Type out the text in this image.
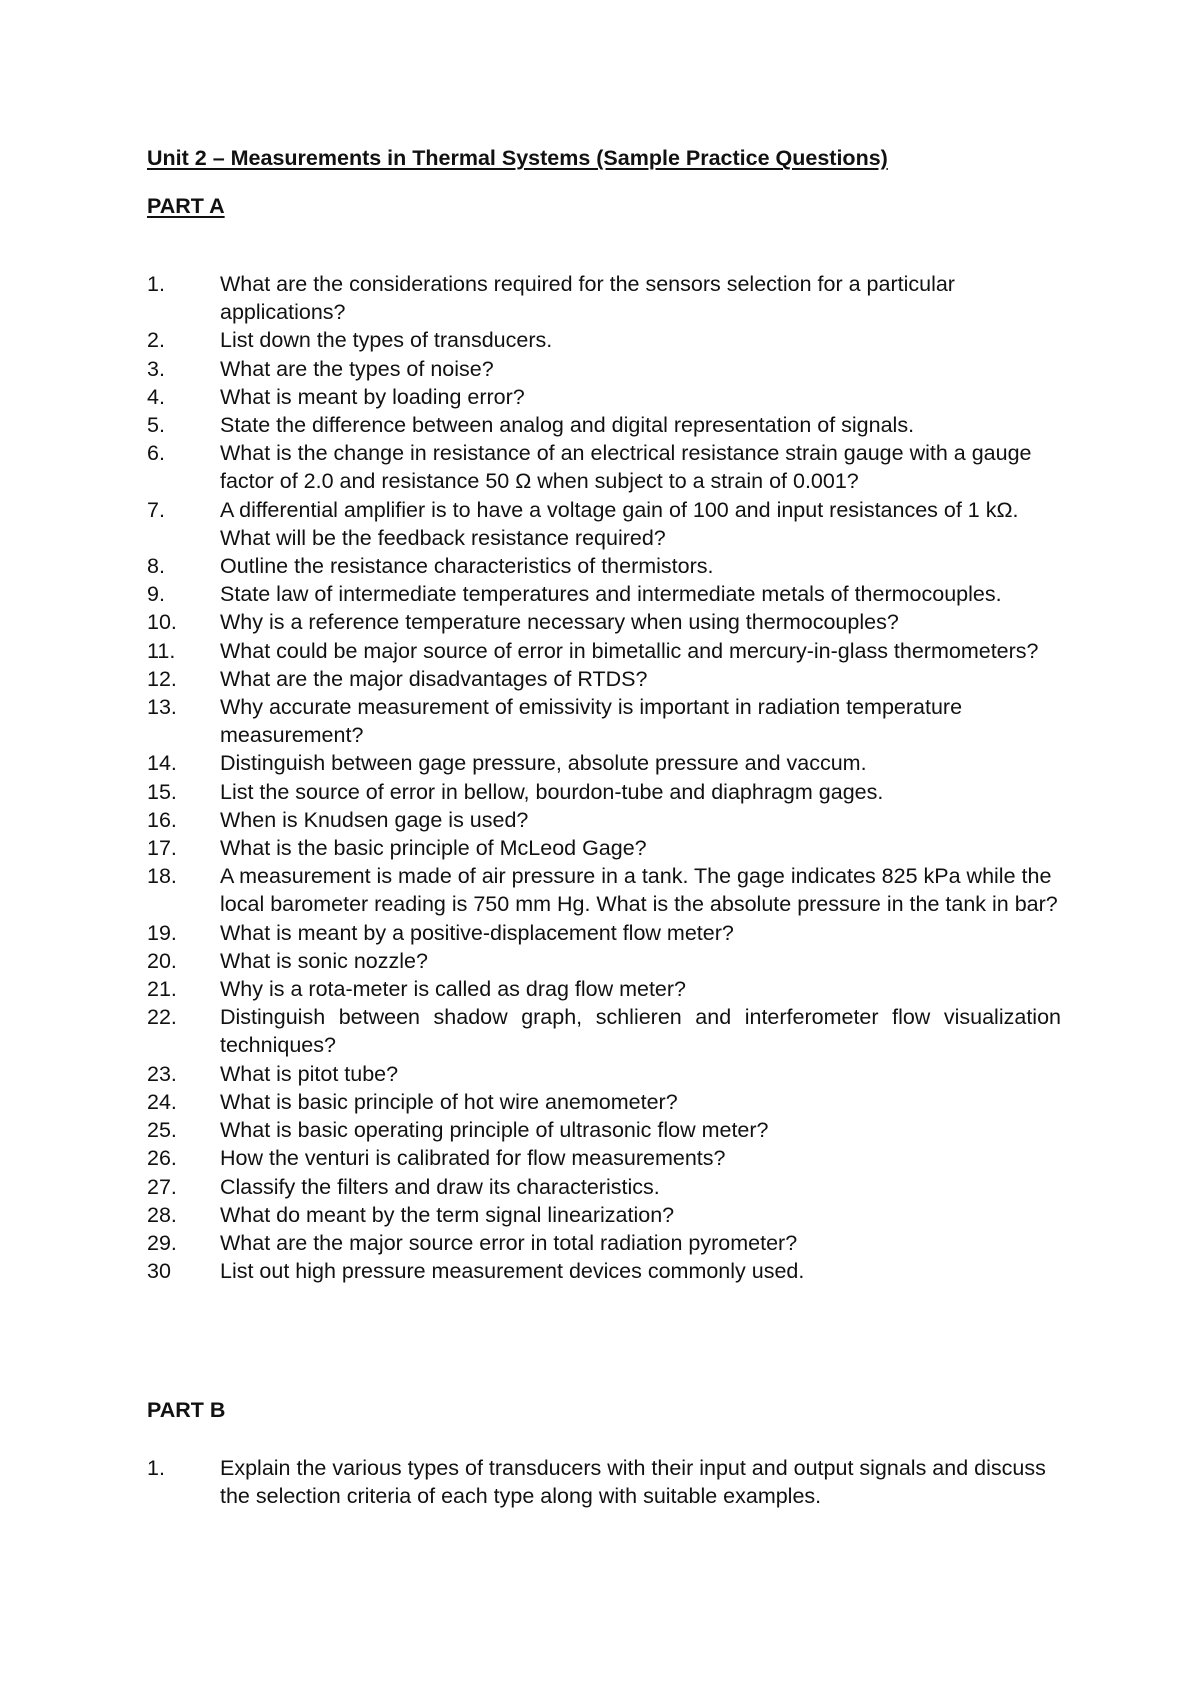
Unit 2 – Measurements in Thermal Systems (Sample Practice Questions)
PART A
1.	What are the considerations required for the sensors selection for a particular applications?
2.	List down the types of transducers.
3.	What are the types of noise?
4.	What is meant by loading error?
5.	State the difference between analog and digital representation of signals.
6.	What is the change in resistance of an electrical resistance strain gauge with a gauge factor of 2.0 and resistance 50 Ω when subject to a strain of 0.001?
7.	A differential amplifier is to have a voltage gain of 100 and input resistances of 1 kΩ. What will be the feedback resistance required?
8.	Outline the resistance characteristics of thermistors.
9.	State law of intermediate temperatures and intermediate metals of thermocouples.
10.	Why is a reference temperature necessary when using thermocouples?
11.	What could be major source of error in bimetallic and mercury-in-glass thermometers?
12.	What are the major disadvantages of RTDS?
13.	Why accurate measurement of emissivity is important in radiation temperature measurement?
14.	Distinguish between gage pressure, absolute pressure and vaccum.
15.	List the source of error in bellow, bourdon-tube and diaphragm gages.
16.	When is Knudsen gage is used?
17.	What is the basic principle of McLeod Gage?
18.	A measurement is made of air pressure in a tank. The gage indicates 825 kPa while the local barometer reading is 750 mm Hg. What is the absolute pressure in the tank in bar?
19.	What is meant by a positive-displacement flow meter?
20.	What is sonic nozzle?
21.	Why is a rota-meter is called as drag flow meter?
22.	Distinguish between shadow graph, schlieren and interferometer flow visualization techniques?
23.	What is pitot tube?
24.	What is basic principle of hot wire anemometer?
25.	What is basic operating principle of ultrasonic flow meter?
26.	How the venturi is calibrated for flow measurements?
27.	Classify the filters and draw its characteristics.
28.	What do meant by the term signal linearization?
29.	What are the major source error in total radiation pyrometer?
30	List out high pressure measurement devices commonly used.
PART B
1.	Explain the various types of transducers with their input and output signals and discuss the selection criteria of each type along with suitable examples.
